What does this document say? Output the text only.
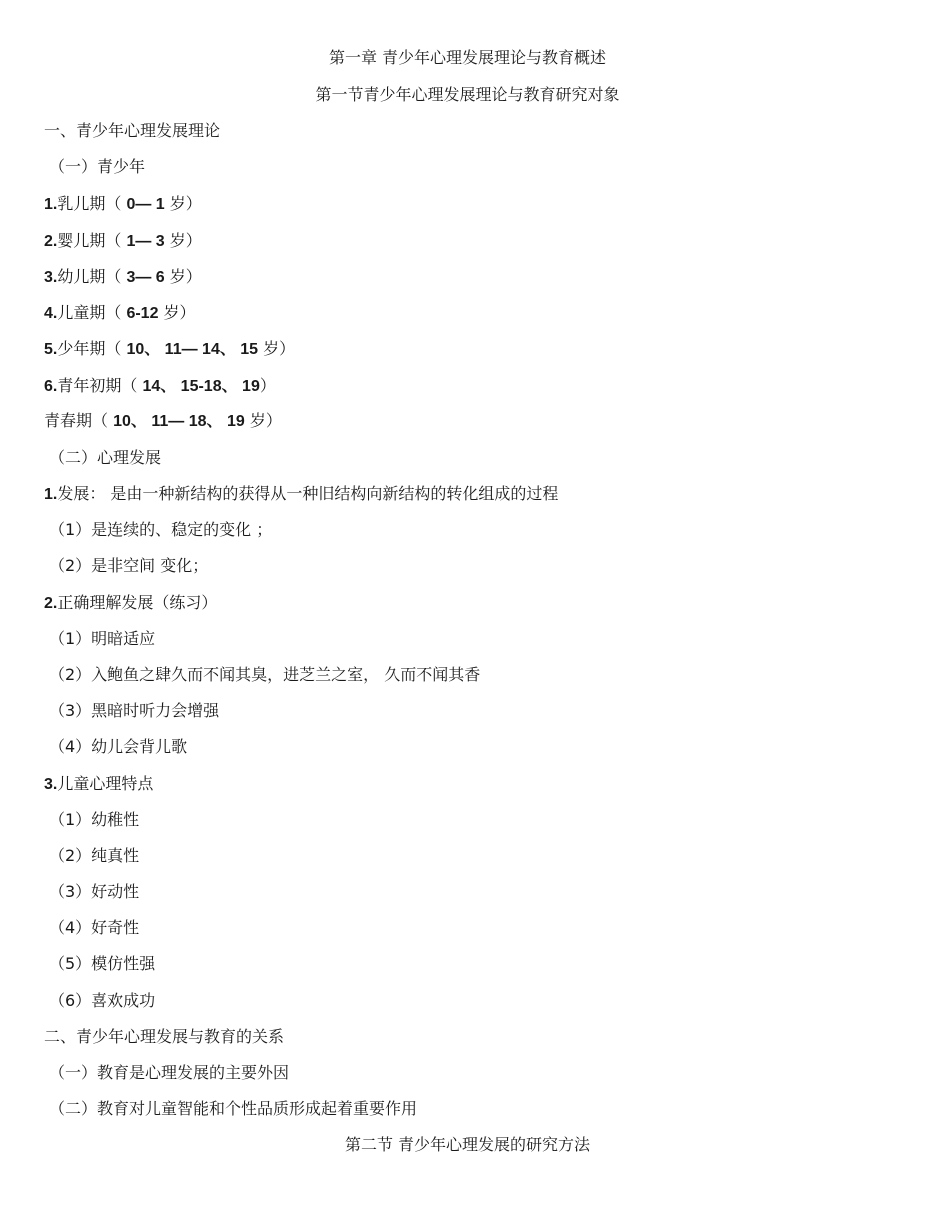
第一章 青少年心理发展理论与教育概述
第一节青少年心理发展理论与教育研究对象
一、青少年心理发展理论
（一）青少年
1.乳儿期（ 0— 1 岁）
2.婴儿期（ 1— 3 岁）
3.幼儿期（ 3— 6 岁）
4.儿童期（ 6-12 岁）
5.少年期（ 10、 11— 14、 15 岁）
6.青年初期（ 14、 15-18、 19）
青春期（ 10、 11— 18、 19 岁）
（二）心理发展
1.发展： 是由一种新结构的获得从一种旧结构向新结构的转化组成的过程
（1）是连续的、稳定的变化 ；
（2）是非空间 变化；
2.正确理解发展（练习）
（1）明暗适应
（2）入鲍鱼之肆久而不闻其臭，进芝兰之室， 久而不闻其香
（3）黑暗时听力会增强
（4）幼儿会背儿歌
3.儿童心理特点
（1）幼稚性
（2）纯真性
（3）好动性
（4）好奇性
（5）模仿性强
（6）喜欢成功
二、青少年心理发展与教育的关系
（一）教育是心理发展的主要外因
（二）教育对儿童智能和个性品质形成起着重要作用
第二节 青少年心理发展的研究方法
